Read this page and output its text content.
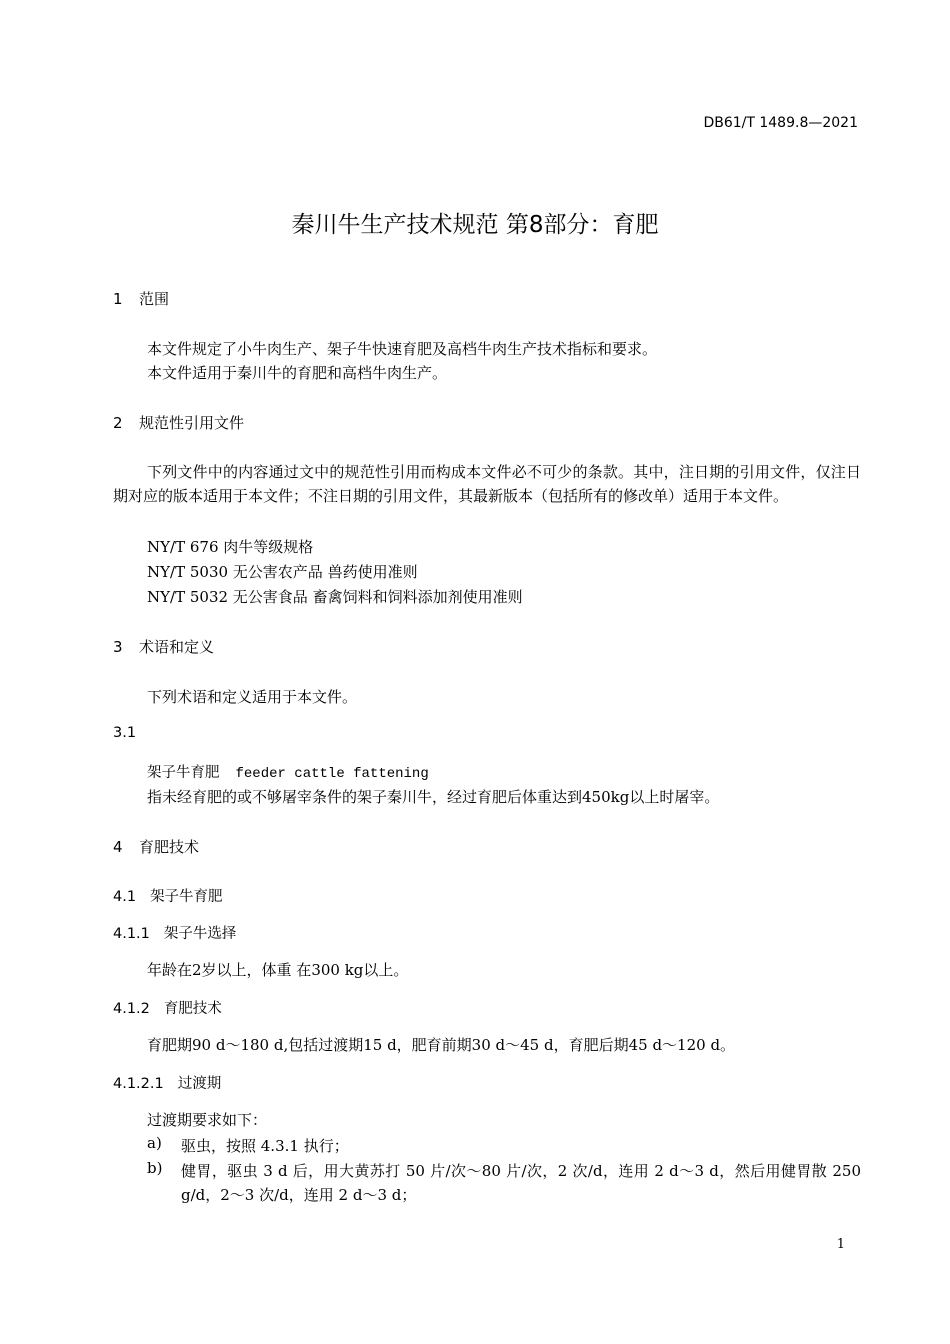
DB61/T 1489.8—2021
秦川牛生产技术规范 第8部分：育肥
1 范围
本文件规定了小牛肉生产、架子牛快速育肥及高档牛肉生产技术指标和要求。
本文件适用于秦川牛的育肥和高档牛肉生产。
2 规范性引用文件
下列文件中的内容通过文中的规范性引用而构成本文件必不可少的条款。其中，注日期的引用文件，仅注日期对应的版本适用于本文件；不注日期的引用文件，其最新版本（包括所有的修改单）适用于本文件。
NY/T 676 肉牛等级规格
NY/T 5030 无公害农产品 兽药使用准则
NY/T 5032 无公害食品 畜禽饲料和饲料添加剂使用准则
3 术语和定义
下列术语和定义适用于本文件。
3.1
架子牛育肥 feeder cattle fattening
指未经育肥的或不够屠宰条件的架子秦川牛，经过育肥后体重达到450kg以上时屠宰。
4 育肥技术
4.1 架子牛育肥
4.1.1 架子牛选择
年龄在2岁以上，体重 在300 kg以上。
4.1.2 育肥技术
育肥期90 d～180 d,包括过渡期15 d，肥育前期30 d～45 d，育肥后期45 d～120 d。
4.1.2.1 过渡期
过渡期要求如下：
a) 驱虫，按照 4.3.1 执行；
b) 健胃，驱虫 3 d 后，用大黄苏打 50 片/次～80 片/次，2 次/d，连用 2 d～3 d，然后用健胃散 250 g/d，2～3 次/d，连用 2 d～3 d；
1
